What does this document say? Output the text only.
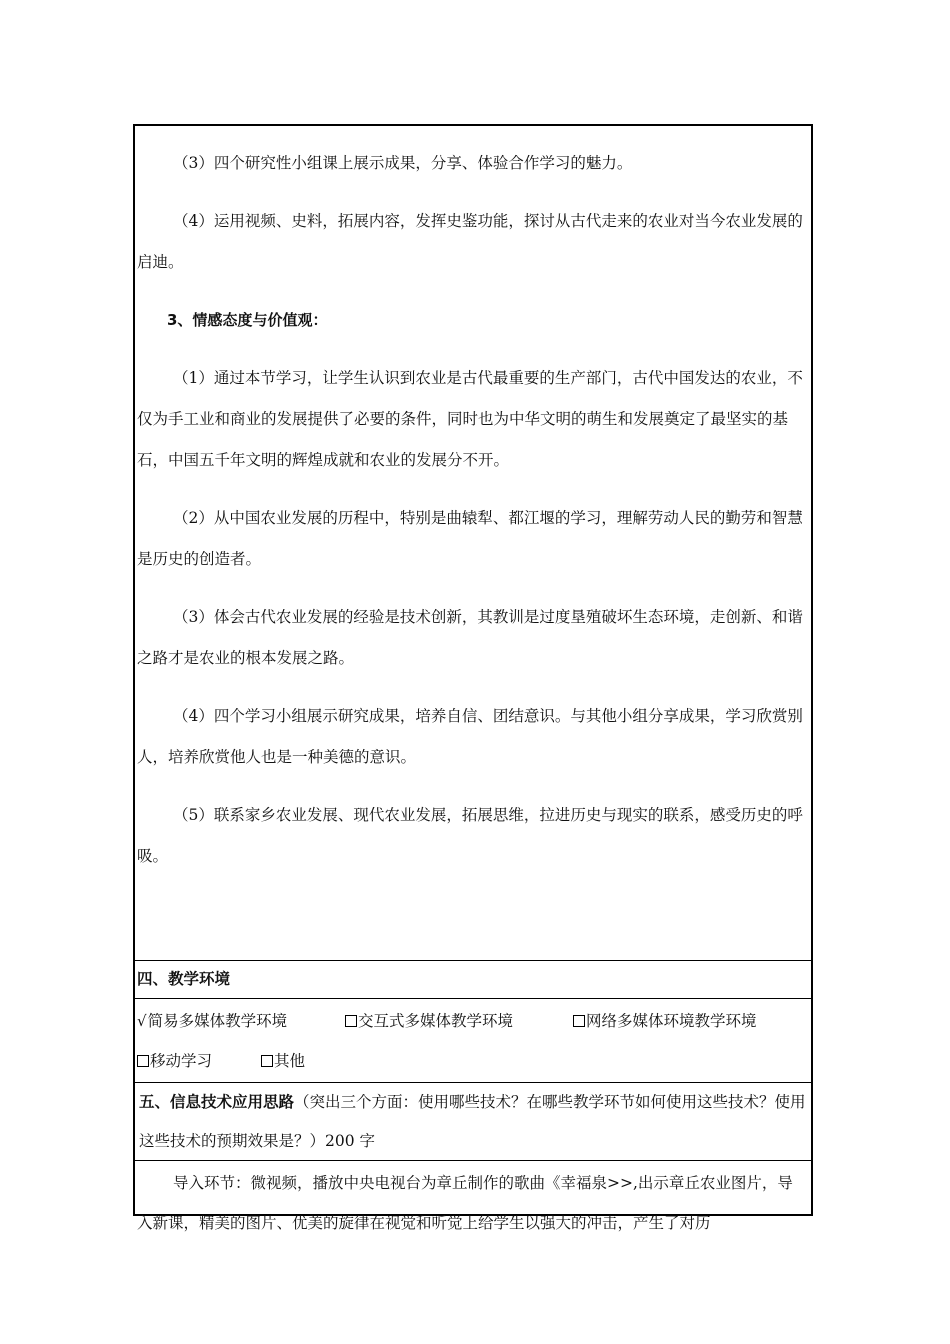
（3）四个研究性小组课上展示成果，分享、体验合作学习的魅力。

（4）运用视频、史料，拓展内容，发挥史鉴功能，探讨从古代走来的农业对当今农业发展的启迪。

3、情感态度与价值观：

（1）通过本节学习，让学生认识到农业是古代最重要的生产部门，古代中国发达的农业，不仅为手工业和商业的发展提供了必要的条件，同时也为中华文明的萌生和发展奠定了最坚实的基石，中国五千年文明的辉煌成就和农业的发展分不开。

（2）从中国农业发展的历程中，特别是曲辕犁、都江堰的学习，理解劳动人民的勤劳和智慧是历史的创造者。

（3）体会古代农业发展的经验是技术创新，其教训是过度垦殖破坏生态环境，走创新、和谐之路才是农业的根本发展之路。

（4）四个学习小组展示研究成果，培养自信、团结意识。与其他小组分享成果，学习欣赏别人，培养欣赏他人也是一种美德的意识。

（5）联系家乡农业发展、现代农业发展，拓展思维，拉进历史与现实的联系，感受历史的呼吸。

四、教学环境
√简易多媒体教学环境	交互式多媒体教学环境	网络多媒体环境教学环境
移动学习	其他

五、信息技术应用思路（突出三个方面：使用哪些技术？在哪些教学环节如何使用这些技术？使用这些技术的预期效果是？）200 字

导入环节：微视频，播放中央电视台为章丘制作的歌曲《幸福泉>>,出示章丘农业图片，导入新课，精美的图片、优美的旋律在视觉和听觉上给学生以强大的冲击，产生了对历
